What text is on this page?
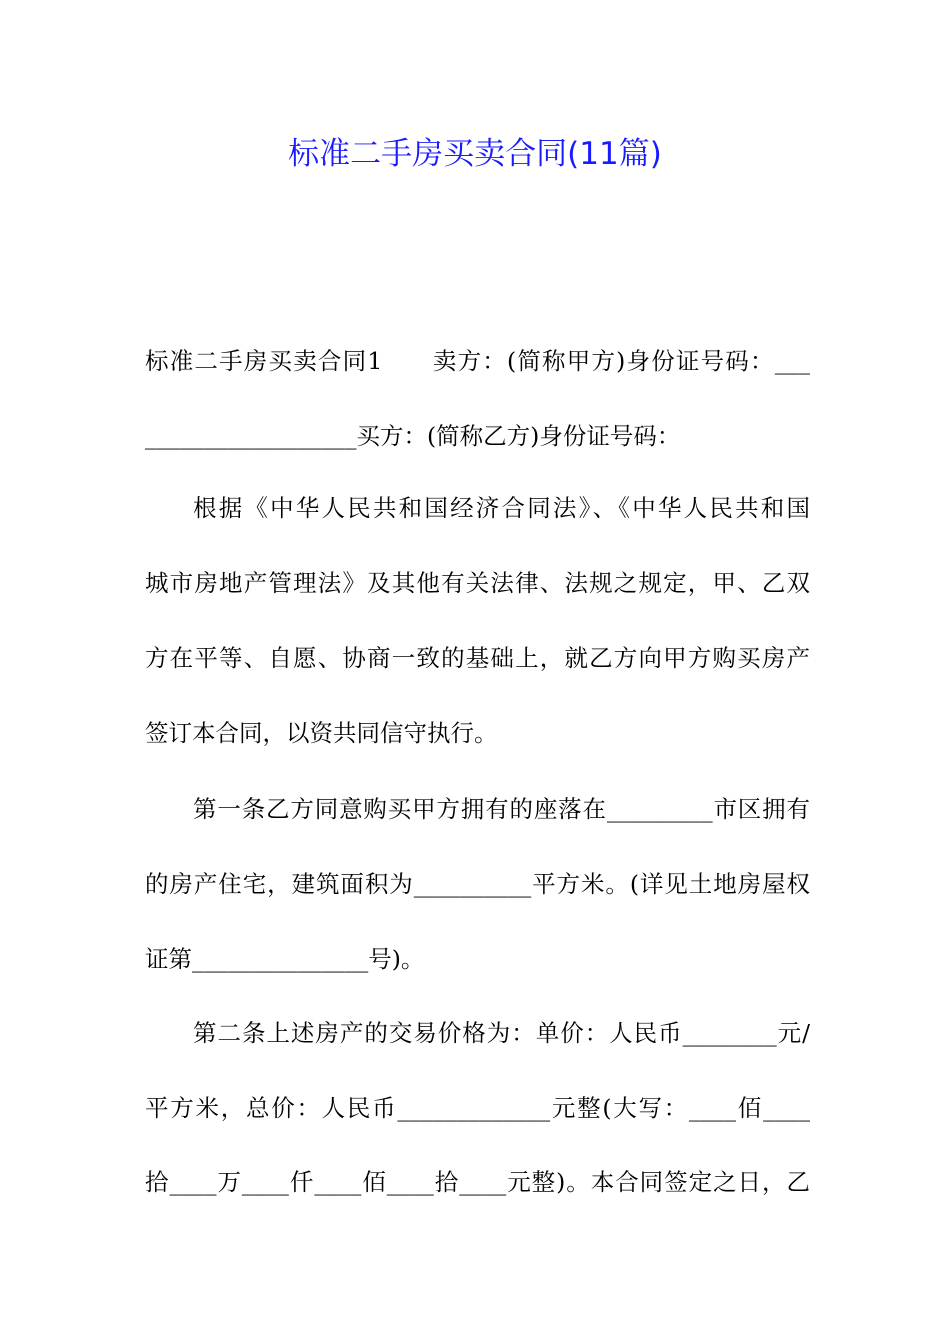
标准二手房买卖合同(11篇)
标准二手房买卖合同1　　卖方：(简称甲方)身份证号码：___
__________________买方：(简称乙方)身份证号码：
根据《中华人民共和国经济合同法》、《中华人民共和国
城市房地产管理法》及其他有关法律、法规之规定，甲、乙双
方在平等、自愿、协商一致的基础上，就乙方向甲方购买房产
签订本合同，以资共同信守执行。
第一条乙方同意购买甲方拥有的座落在_________市区拥有
的房产住宅，建筑面积为__________平方米。(详见土地房屋权
证第_______________号)。
第二条上述房产的交易价格为：单价：人民币________元/
平方米，总价：人民币_____________元整(大写：____佰____
拾____万____仟____佰____拾____元整)。本合同签定之日，乙
